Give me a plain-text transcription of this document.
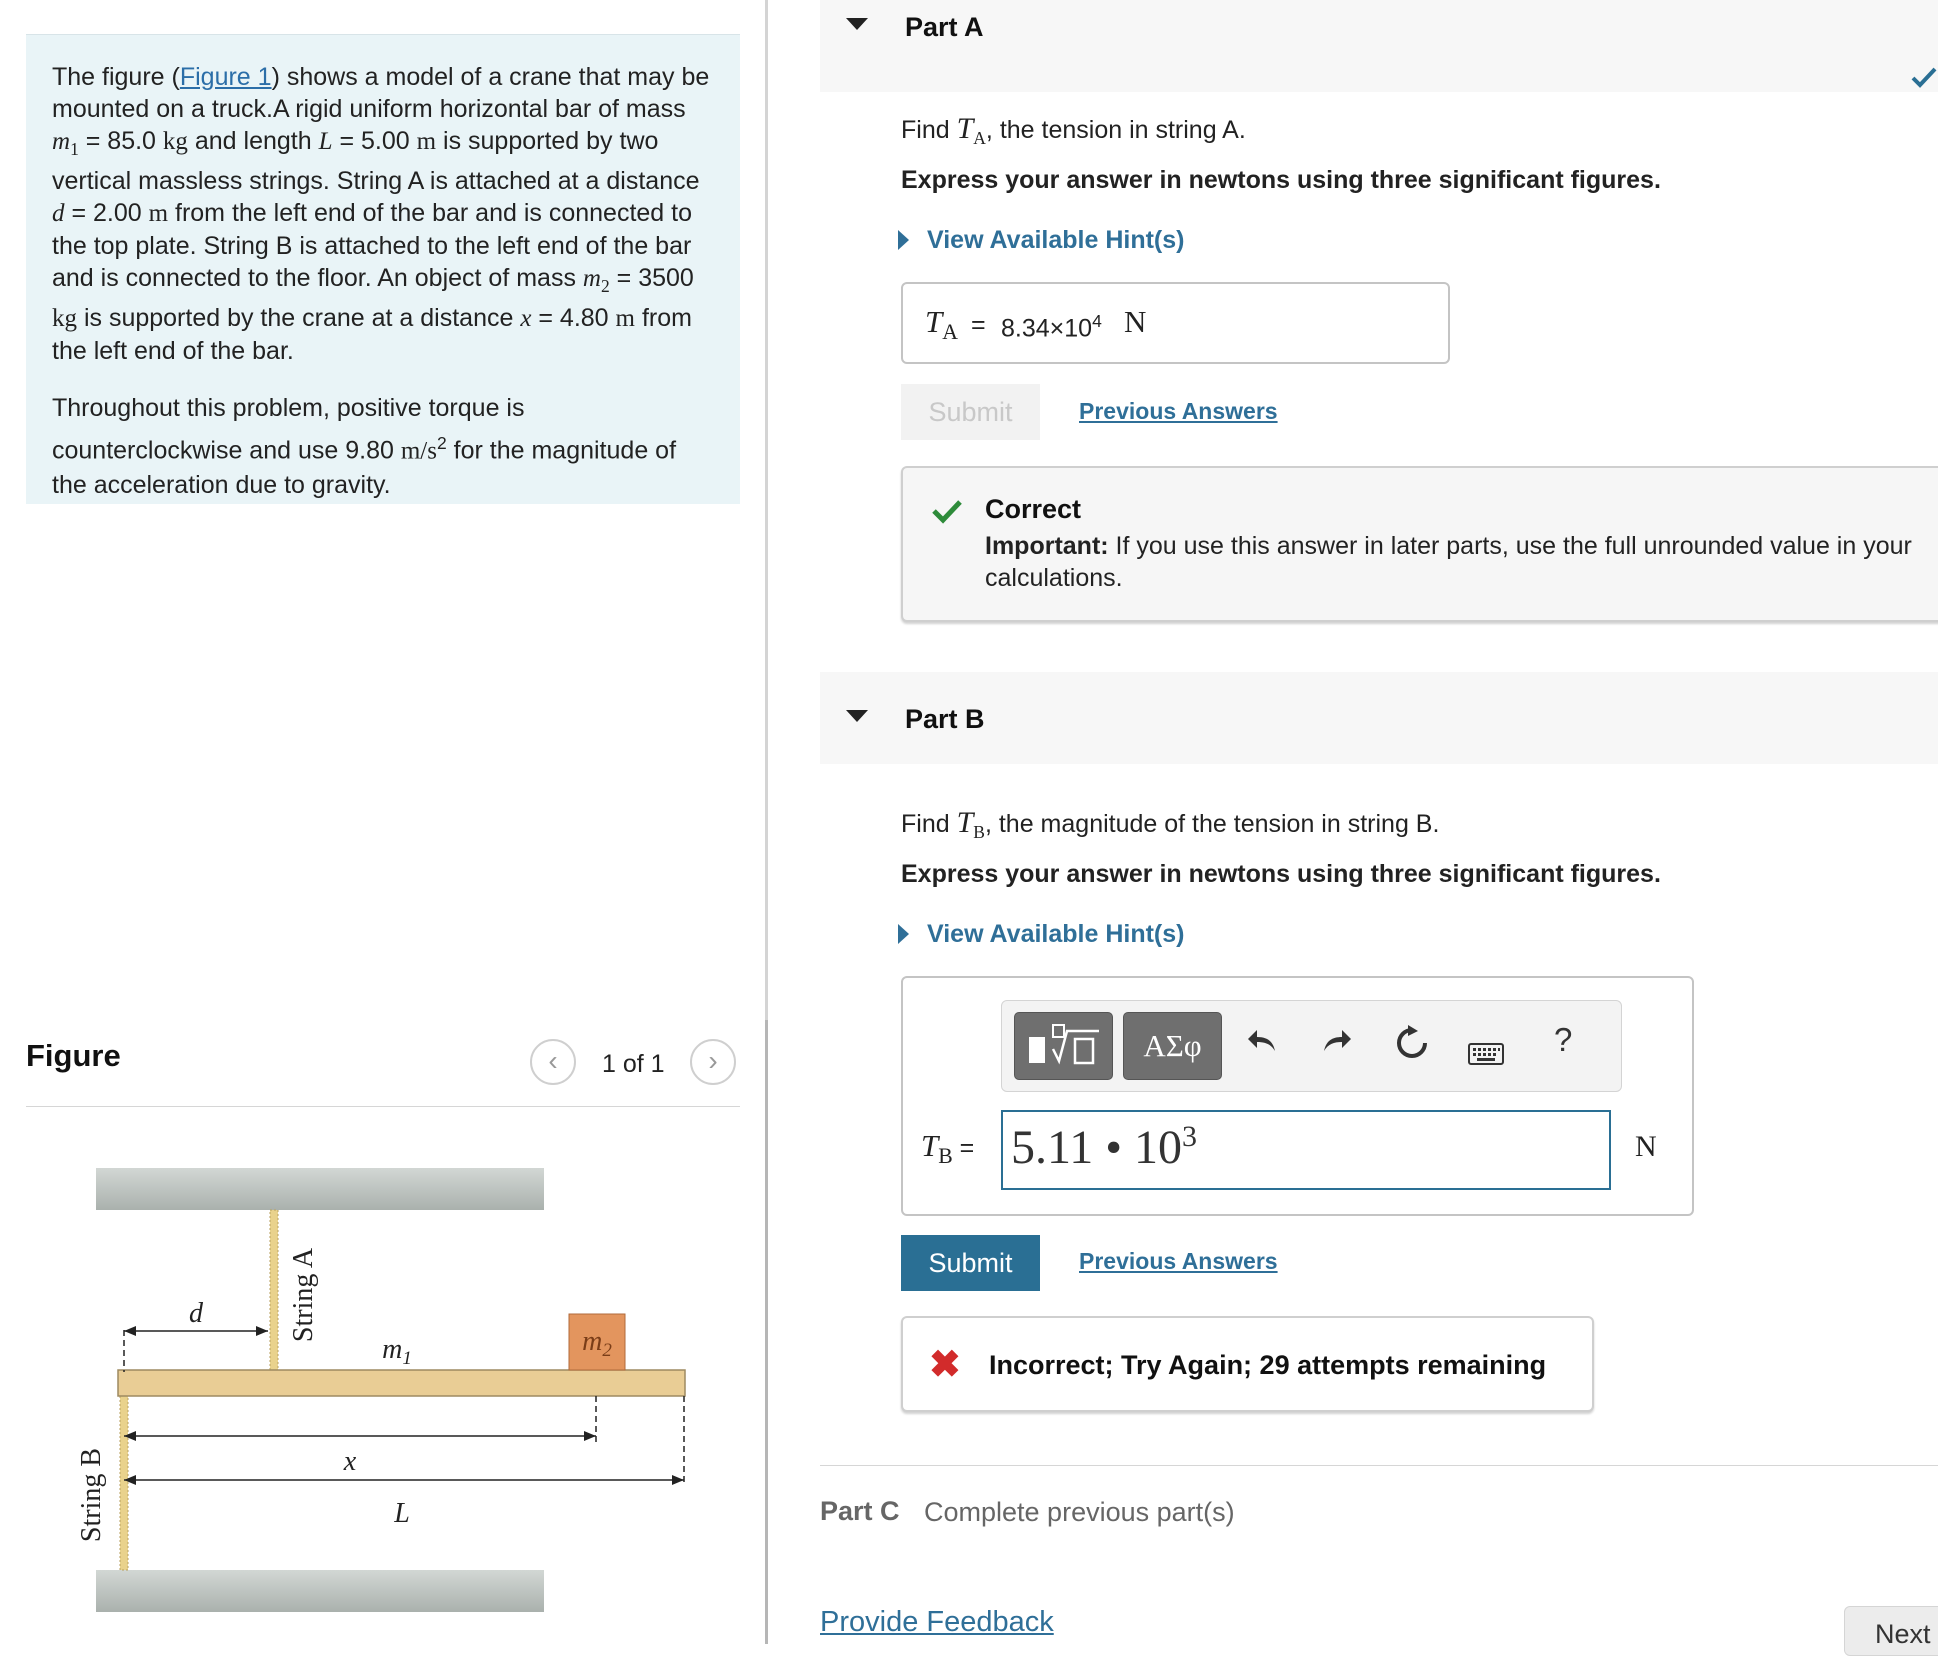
The figure (Figure 1) shows a model of a crane that may be mounted on a truck.A rigid uniform horizontal bar of mass $m_1 = 85.0$ kg and length L = 5.00 m is supported by two vertical massless strings. String A is attached at a distance d = 2.00 m from the left end of the bar and is connected to the top plate. String B is attached to the left end of the bar and is connected to the floor. An object of mass $m_2 = 3500$ kg is supported by the crane at a distance x = 4.80 m from the left end of the bar.

Throughout this problem, positive torque is counterclockwise and use 9.80 $m/s^2$ for the magnitude of the acceleration due to gravity.

Figure	‹	1 of 1	›
String A
String B
$m_2$
$m_1$
d
x
L
Part A
Find $T_A$, the tension in string A.
Express your answer in newtons using three significant figures.
View Available Hint(s)
$T_A = 8.34\times 10^4$ N
Submit	Previous Answers
Correct
Important: If you use this answer in later parts, use the full unrounded value in your calculations.
Part B
Find $T_B$, the magnitude of the tension in string B.
Express your answer in newtons using three significant figures.
View Available Hint(s)
ΑΣφ	?
$T_B = 5.11$ • $10^3$	N
Submit	Previous Answers
✖ Incorrect; Try Again; 29 attempts remaining
Part C Complete previous part(s)
Provide Feedback	Next
